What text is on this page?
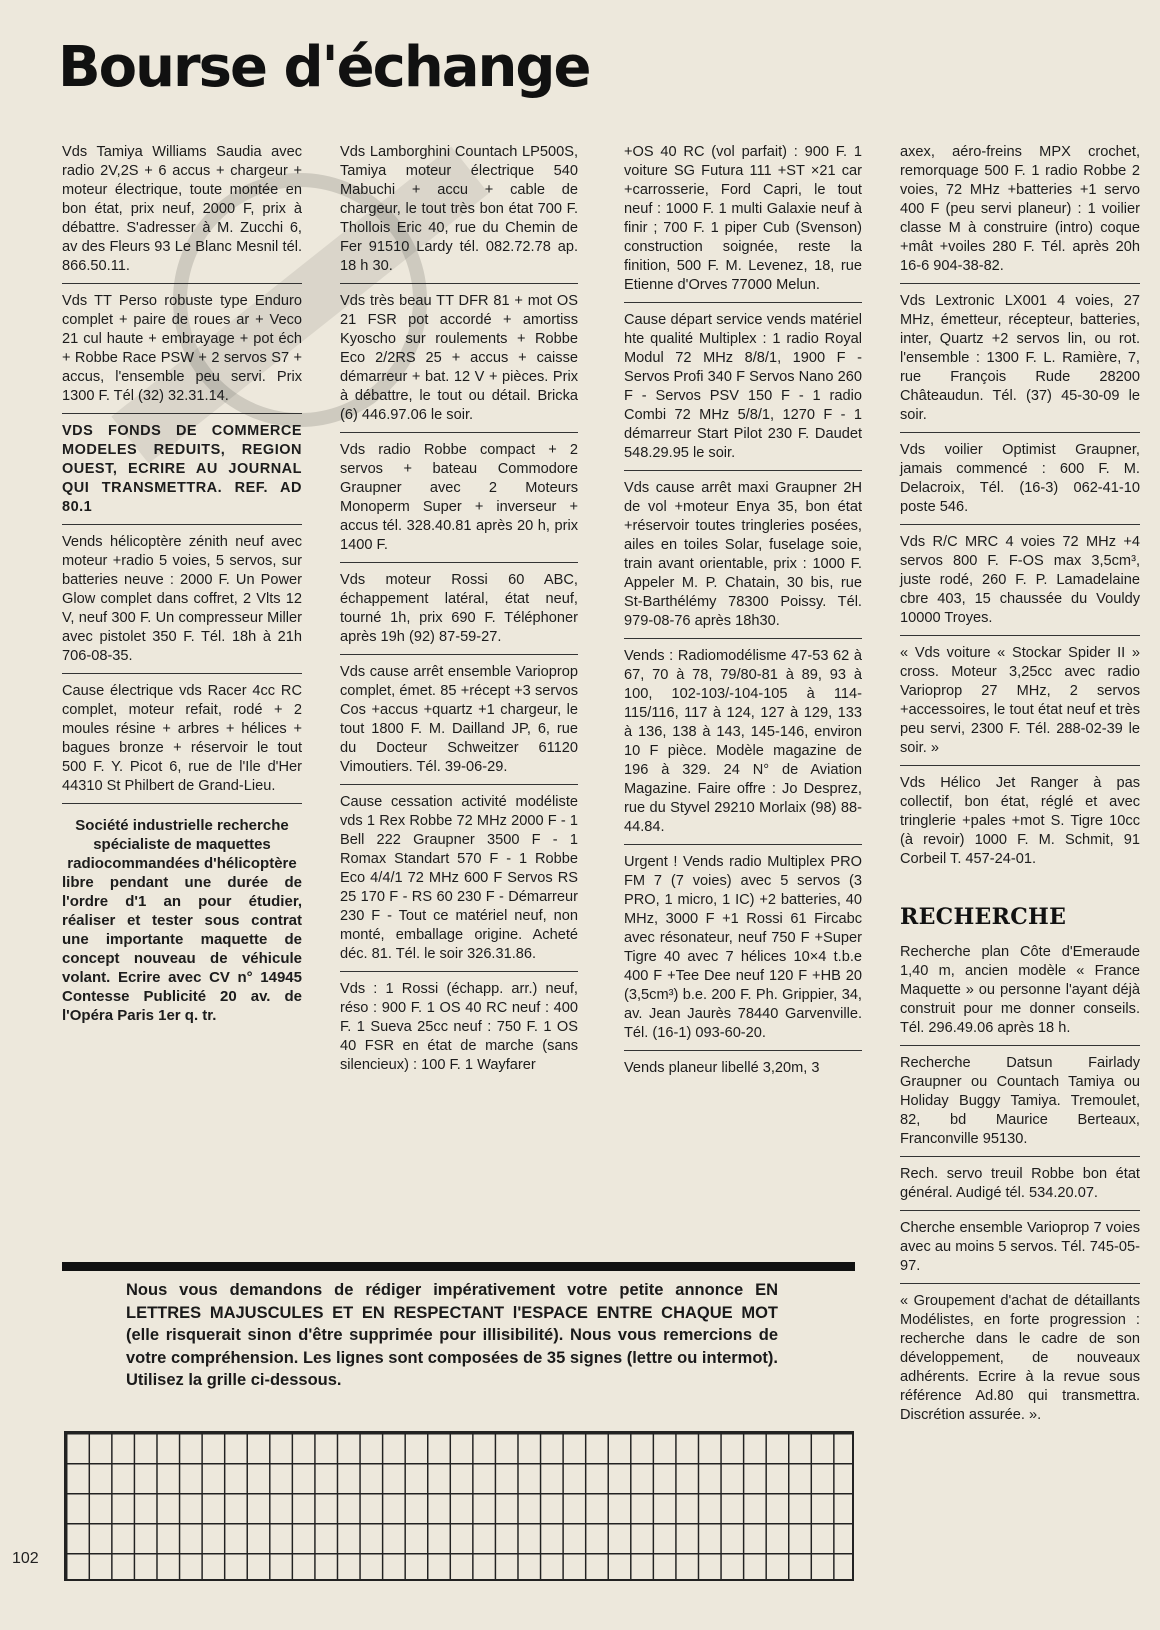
Bourse d'échange
Vds Tamiya Williams Saudia avec radio 2V,2S + 6 accus + chargeur + moteur électrique, toute montée en bon état, prix neuf, 2000 F, prix à débattre. S'adresser à M. Zucchi 6, av des Fleurs 93 Le Blanc Mesnil tél. 866.50.11.
Vds TT Perso robuste type Enduro complet + paire de roues ar + Veco 21 cul haute + embrayage + pot éch + Robbe Race PSW + 2 servos S7 + accus, l'ensemble peu servi. Prix 1300 F. Tél (32) 32.31.14.
VDS FONDS DE COMMERCE MODELES REDUITS, REGION OUEST, ECRIRE AU JOURNAL QUI TRANSMETTRA. REF. AD 80.1
Vends hélicoptère zénith neuf avec moteur +radio 5 voies, 5 servos, sur batteries neuve : 2000 F. Un Power Glow complet dans coffret, 2 Vlts 12 V, neuf 300 F. Un compresseur Miller avec pistolet 350 F. Tél. 18h à 21h 706-08-35.
Cause électrique vds Racer 4cc RC complet, moteur refait, rodé + 2 moules résine + arbres + hélices + bagues bronze + réservoir le tout 500 F. Y. Picot 6, rue de l'Ile d'Her 44310 St Philbert de Grand-Lieu.
Société industrielle recherche spécialiste de maquettes radiocommandées d'hélicoptère
libre pendant une durée de l'ordre d'1 an pour étudier, réaliser et tester sous contrat une importante maquette de concept nouveau de véhicule volant. Ecrire avec CV n° 14945 Contesse Publicité 20 av. de l'Opéra Paris 1er q. tr.
Vds Lamborghini Countach LP500S, Tamiya moteur électrique 540 Mabuchi + accu + cable de chargeur, le tout très bon état 700 F. Thollois Eric 40, rue du Chemin de Fer 91510 Lardy tél. 082.72.78 ap. 18 h 30.
Vds très beau TT DFR 81 + mot OS 21 FSR pot accordé + amortiss Kyoscho sur roulements + Robbe Eco 2/2RS 25 + accus + caisse démarreur + bat. 12 V + pièces. Prix à débattre, le tout ou détail. Bricka (6) 446.97.06 le soir.
Vds radio Robbe compact + 2 servos + bateau Commodore Graupner avec 2 Moteurs Monoperm Super + inverseur + accus tél. 328.40.81 après 20 h, prix 1400 F.
Vds moteur Rossi 60 ABC, échappement latéral, état neuf, tourné 1h, prix 690 F. Téléphoner après 19h (92) 87-59-27.
Vds cause arrêt ensemble Varioprop complet, émet. 85 +récept +3 servos Cos +accus +quartz +1 chargeur, le tout 1800 F. M. Dailland JP, 6, rue du Docteur Schweitzer 61120 Vimoutiers. Tél. 39-06-29.
Cause cessation activité modéliste vds 1 Rex Robbe 72 MHz 2000 F - 1 Bell 222 Graupner 3500 F - 1 Romax Standart 570 F - 1 Robbe Eco 4/4/1 72 MHz 600 F Servos RS 25 170 F - RS 60 230 F - Démarreur 230 F - Tout ce matériel neuf, non monté, emballage origine. Acheté déc. 81. Tél. le soir 326.31.86.
Vds : 1 Rossi (échapp. arr.) neuf, réso : 900 F. 1 OS 40 RC neuf : 400 F. 1 Sueva 25cc neuf : 750 F. 1 OS 40 FSR en état de marche (sans silencieux) : 100 F. 1 Wayfarer
+OS 40 RC (vol parfait) : 900 F. 1 voiture SG Futura 111 +ST ×21 car +carrosserie, Ford Capri, le tout neuf : 1000 F. 1 multi Galaxie neuf à finir ; 700 F. 1 piper Cub (Svenson) construction soignée, reste la finition, 500 F. M. Levenez, 18, rue Etienne d'Orves 77000 Melun.
Cause départ service vends matériel hte qualité Multiplex : 1 radio Royal Modul 72 MHz 8/8/1, 1900 F - Servos Profi 340 F Servos Nano 260 F - Servos PSV 150 F - 1 radio Combi 72 MHz 5/8/1, 1270 F - 1 démarreur Start Pilot 230 F. Daudet 548.29.95 le soir.
Vds cause arrêt maxi Graupner 2H de vol +moteur Enya 35, bon état +réservoir toutes tringleries posées, ailes en toiles Solar, fuselage soie, train avant orientable, prix : 1000 F. Appeler M. P. Chatain, 30 bis, rue St-Barthélémy 78300 Poissy. Tél. 979-08-76 après 18h30.
Vends : Radiomodélisme 47-53 62 à 67, 70 à 78, 79/80-81 à 89, 93 à 100, 102-103/-104-105 à 114-115/116, 117 à 124, 127 à 129, 133 à 136, 138 à 143, 145-146, environ 10 F pièce. Modèle magazine de 196 à 329. 24 N° de Aviation Magazine. Faire offre : Jo Desprez, rue du Styvel 29210 Morlaix (98) 88-44.84.
Urgent ! Vends radio Multiplex PRO FM 7 (7 voies) avec 5 servos (3 PRO, 1 micro, 1 IC) +2 batteries, 40 MHz, 3000 F +1 Rossi 61 Fircabc avec résonateur, neuf 750 F +Super Tigre 40 avec 7 hélices 10×4 t.b.e 400 F +Tee Dee neuf 120 F +HB 20 (3,5cm³) b.e. 200 F. Ph. Grippier, 34, av. Jean Jaurès 78440 Garvenville. Tél. (16-1) 093-60-20.
Vends planeur libellé 3,20m, 3
axex, aéro-freins MPX crochet, remorquage 500 F. 1 radio Robbe 2 voies, 72 MHz +batteries +1 servo 400 F (peu servi planeur) : 1 voilier classe M à construire (intro) coque +mât +voiles 280 F. Tél. après 20h 16-6 904-38-82.
Vds Lextronic LX001 4 voies, 27 MHz, émetteur, récepteur, batteries, inter, Quartz +2 servos lin, ou rot. l'ensemble : 1300 F. L. Ramière, 7, rue François Rude 28200 Châteaudun. Tél. (37) 45-30-09 le soir.
Vds voilier Optimist Graupner, jamais commencé : 600 F. M. Delacroix, Tél. (16-3) 062-41-10 poste 546.
Vds R/C MRC 4 voies 72 MHz +4 servos 800 F. F-OS max 3,5cm³, juste rodé, 260 F. P. Lamadelaine cbre 403, 15 chaussée du Vouldy 10000 Troyes.
« Vds voiture « Stockar Spider II » cross. Moteur 3,25cc avec radio Varioprop 27 MHz, 2 servos +accessoires, le tout état neuf et très peu servi, 2300 F. Tél. 288-02-39 le soir. »
Vds Hélico Jet Ranger à pas collectif, bon état, réglé et avec tringlerie +pales +mot S. Tigre 10cc (à revoir) 1000 F. M. Schmit, 91 Corbeil T. 457-24-01.
RECHERCHE
Recherche plan Côte d'Emeraude 1,40 m, ancien modèle « France Maquette » ou personne l'ayant déjà construit pour me donner conseils. Tél. 296.49.06 après 18 h.
Recherche Datsun Fairlady Graupner ou Countach Tamiya ou Holiday Buggy Tamiya. Tremoulet, 82, bd Maurice Berteaux, Franconville 95130.
Rech. servo treuil Robbe bon état général. Audigé tél. 534.20.07.
Cherche ensemble Varioprop 7 voies avec au moins 5 servos. Tél. 745-05-97.
« Groupement d'achat de détaillants Modélistes, en forte progression : recherche dans le cadre de son développement, de nouveaux adhérents. Ecrire à la revue sous référence Ad.80 qui transmettra. Discrétion assurée. ».

Nous vous demandons de rédiger impérativement votre petite annonce EN LETTRES MAJUSCULES ET EN RESPECTANT l'ESPACE ENTRE CHAQUE MOT (elle risquerait sinon d'être supprimée pour illisibilité). Nous vous remercions de votre compréhension. Les lignes sont composées de 35 signes (lettre ou intermot). Utilisez la grille ci-dessous.

102
